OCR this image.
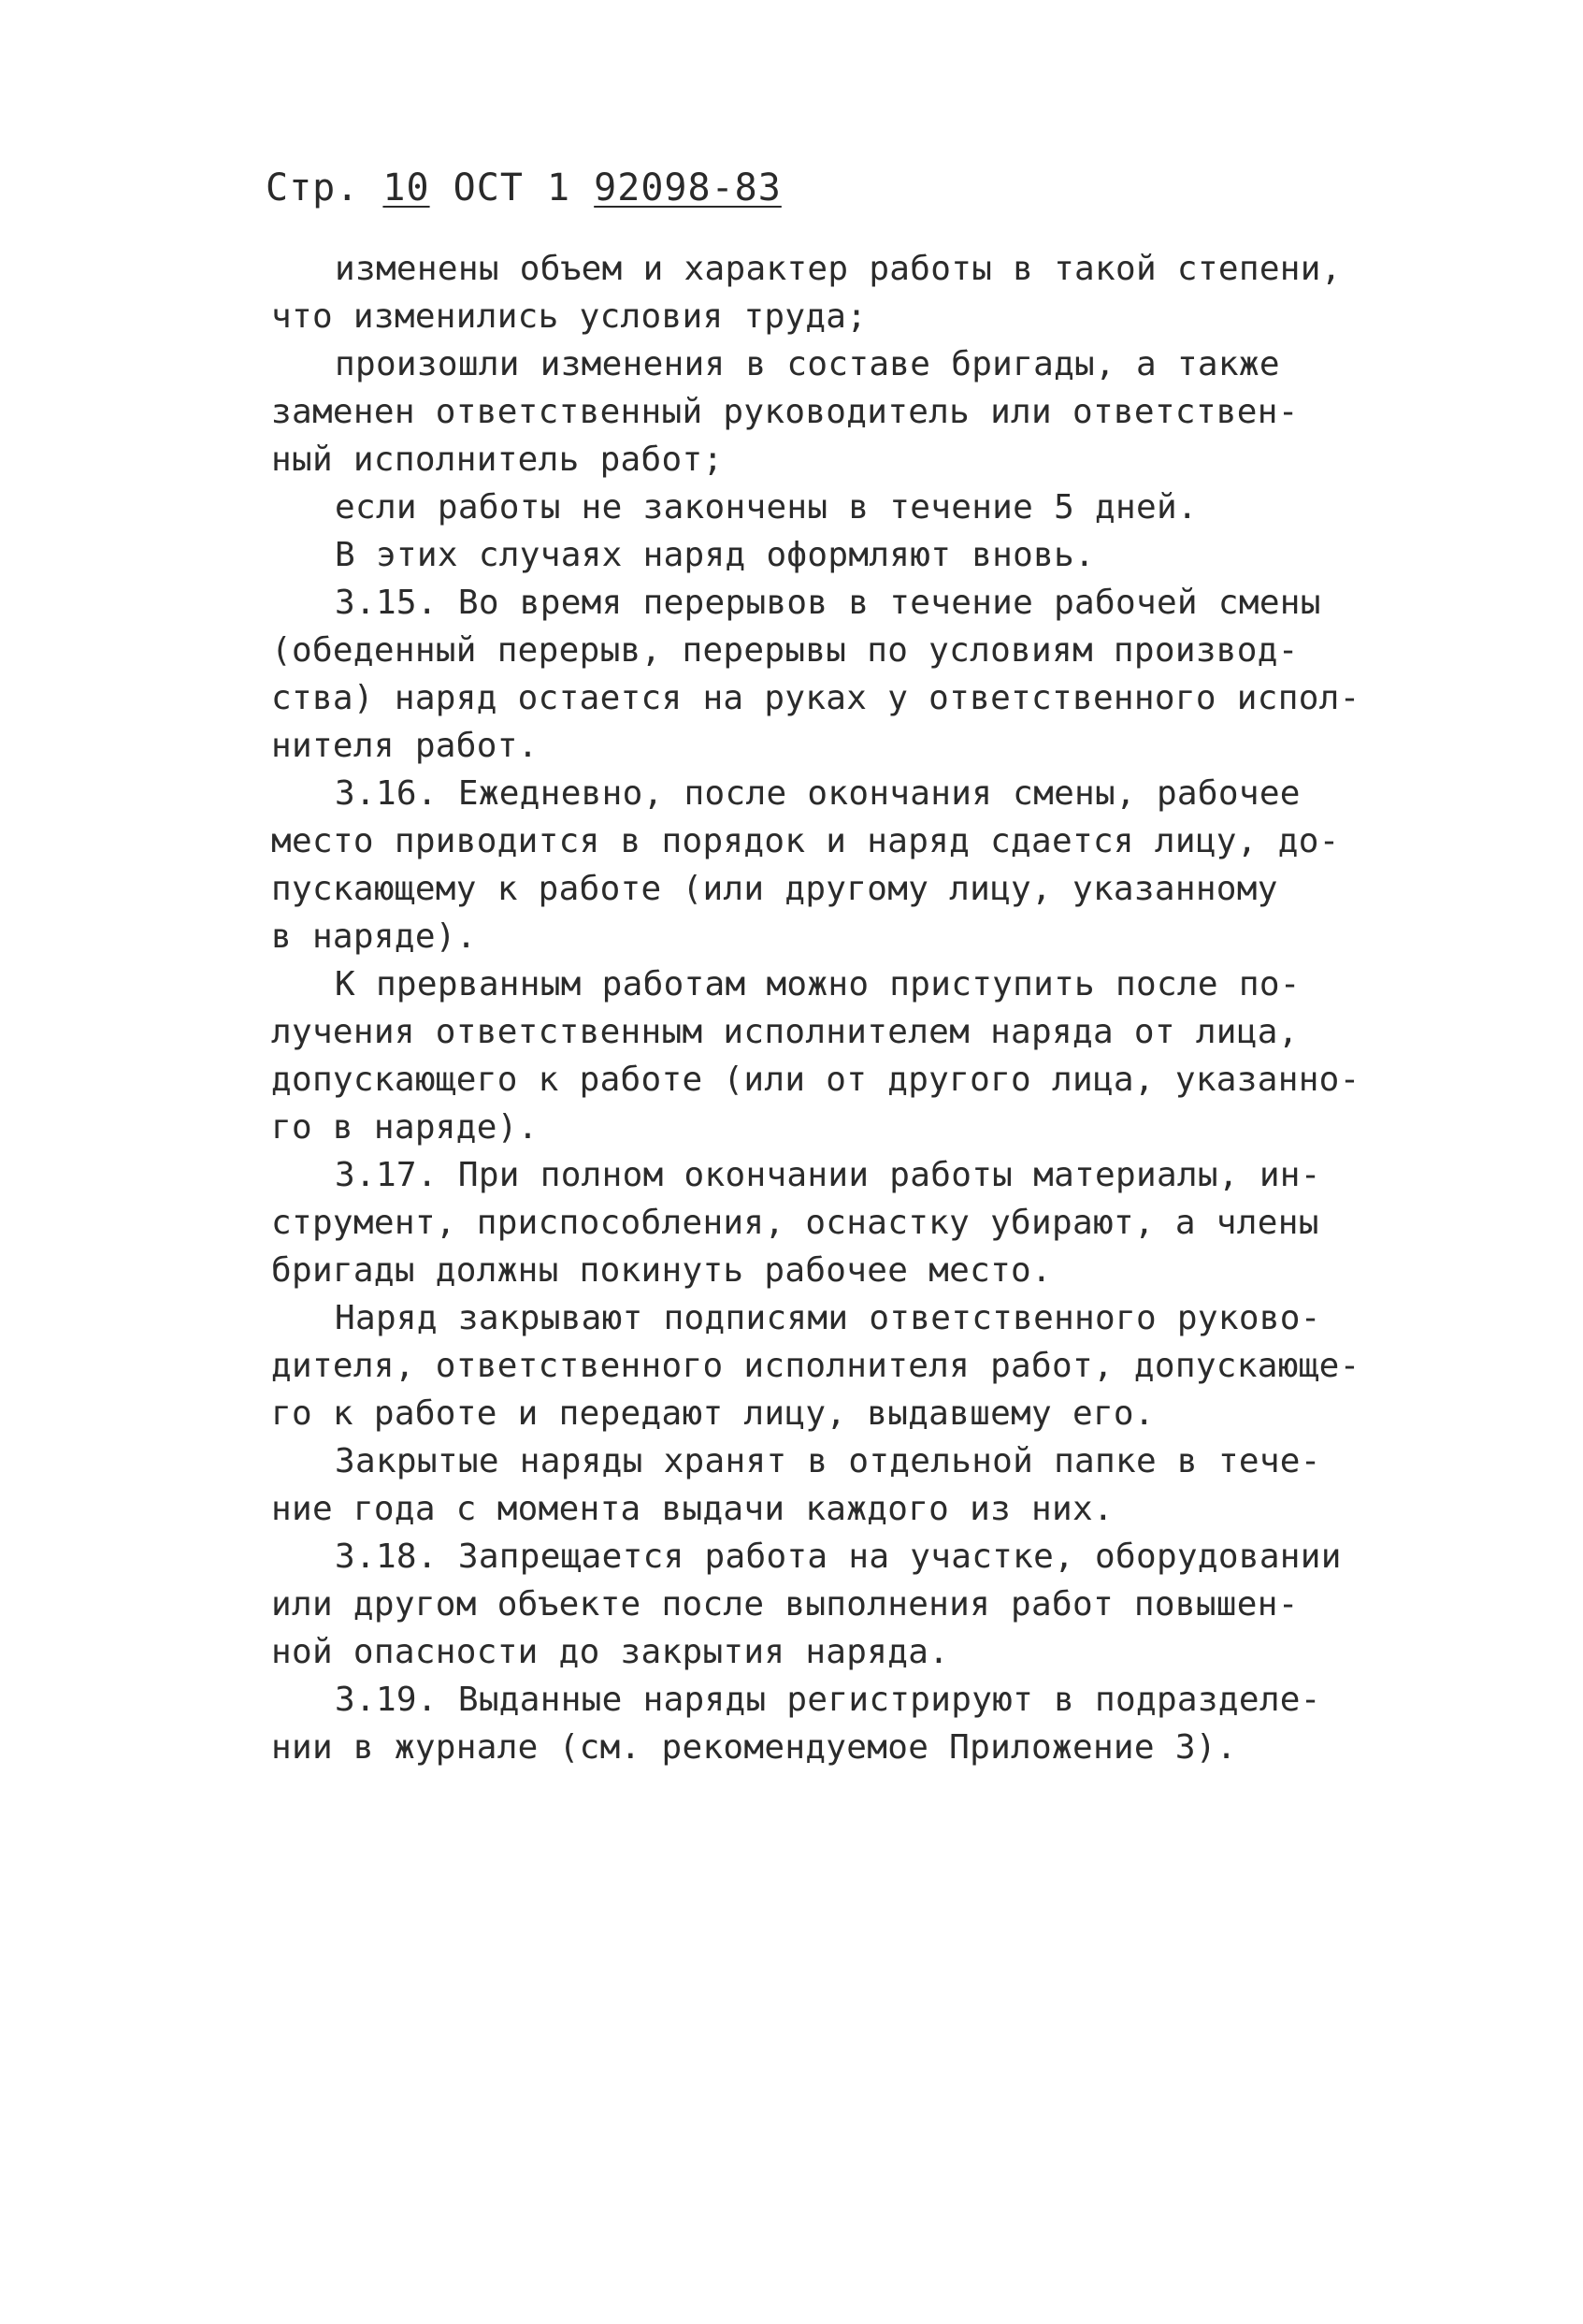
Стр. 10 ОСТ 1 92098-83
изменены объем и характер работы в такой степени,
что изменились условия труда;
произошли изменения в составе бригады, а также
заменен ответственный руководитель или ответствен-
ный исполнитель работ;
если работы не закончены в течение 5 дней.
В этих случаях наряд оформляют вновь.
3.15. Во время перерывов в течение рабочей смены
(обеденный перерыв, перерывы по условиям производ-
ства) наряд остается на руках у ответственного испол-
нителя работ.
3.16. Ежедневно, после окончания смены, рабочее
место приводится в порядок и наряд сдается лицу, до-
пускающему к работе (или другому лицу, указанному
в наряде).
К прерванным работам можно приступить после по-
лучения ответственным исполнителем наряда от лица,
допускающего к работе (или от другого лица, указанно-
го в наряде).
3.17. При полном окончании работы материалы, ин-
струмент, приспособления, оснастку убирают, а члены
бригады должны покинуть рабочее место.
Наряд закрывают подписями ответственного руково-
дителя, ответственного исполнителя работ, допускающе-
го к работе и передают лицу, выдавшему его.
Закрытые наряды хранят в отдельной папке в тече-
ние года с момента выдачи каждого из них.
3.18. Запрещается работа на участке, оборудовании
или другом объекте после выполнения работ повышен-
ной опасности до закрытия наряда.
3.19. Выданные наряды регистрируют в подразделе-
нии в журнале (см. рекомендуемое Приложение 3).
